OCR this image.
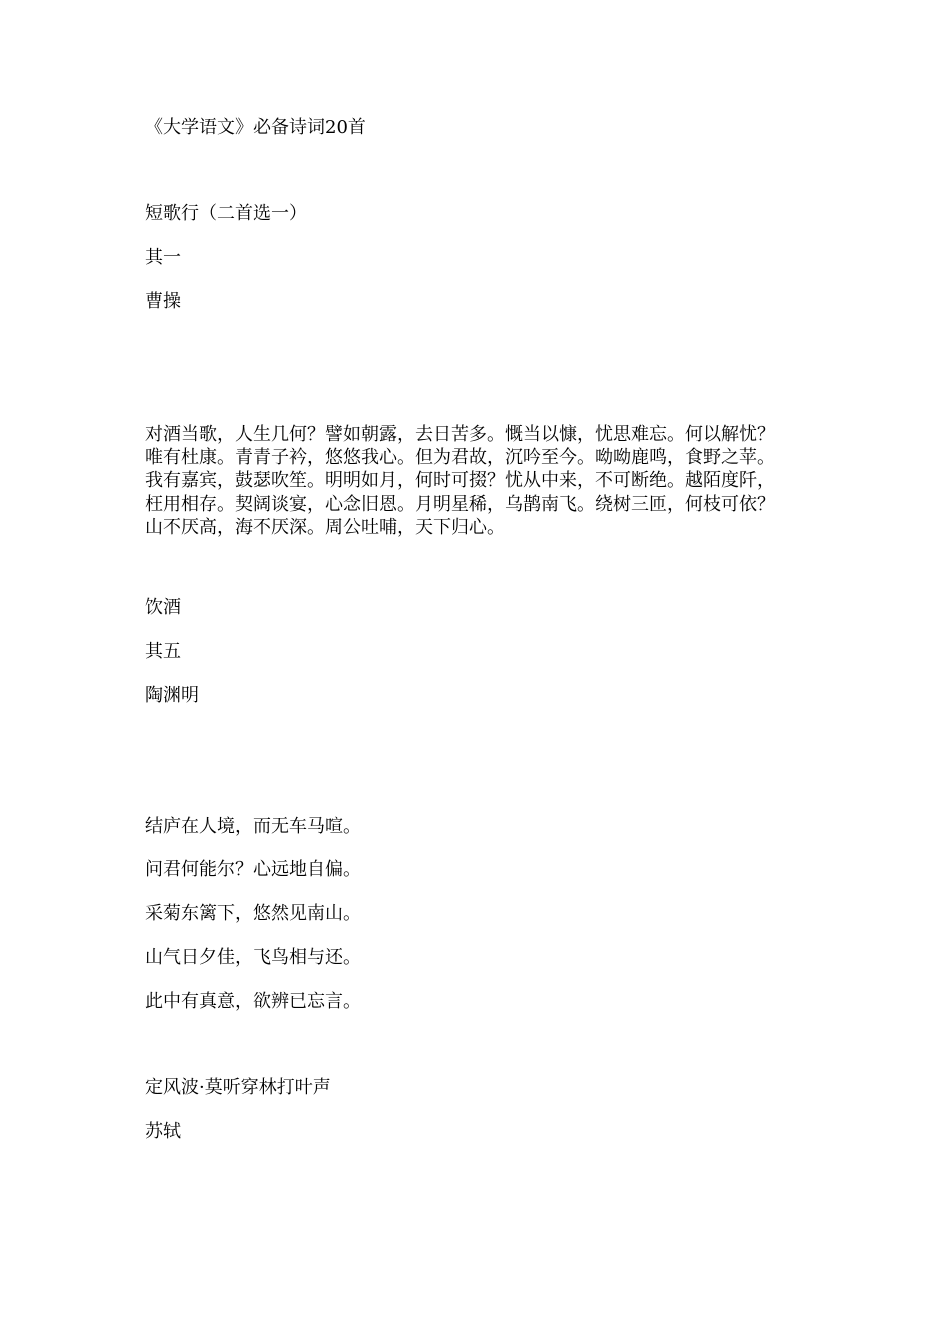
《大学语文》必备诗词20首

短歌行（二首选一）

其一

曹操

对酒当歌，人生几何？譬如朝露，去日苦多。慨当以慷，忧思难忘。何以解忧？
唯有杜康。青青子衿，悠悠我心。但为君故，沉吟至今。呦呦鹿鸣，食野之苹。
我有嘉宾，鼓瑟吹笙。明明如月，何时可掇？忧从中来，不可断绝。越陌度阡，
枉用相存。契阔谈宴，心念旧恩。月明星稀，乌鹊南飞。绕树三匝，何枝可依？
山不厌高，海不厌深。周公吐哺，天下归心。

饮酒

其五

陶渊明

结庐在人境，而无车马喧。

问君何能尔？心远地自偏。

采菊东篱下，悠然见南山。

山气日夕佳，飞鸟相与还。

此中有真意，欲辨已忘言。

定风波·莫听穿林打叶声

苏轼
